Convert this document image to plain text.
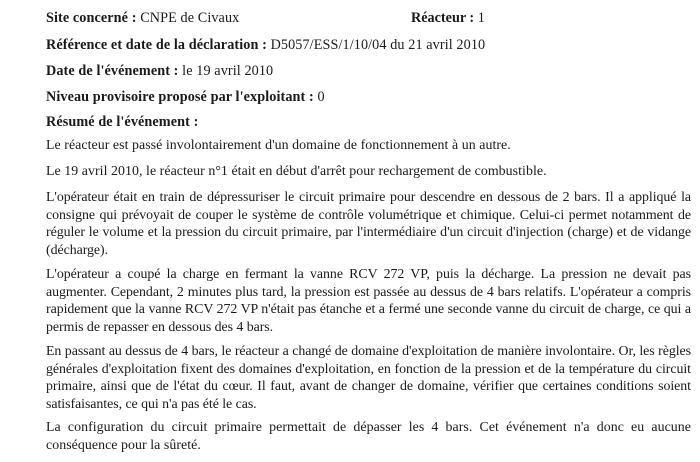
Site concerné : CNPE de Civaux	Réacteur : 1
Référence et date de la déclaration : D5057/ESS/1/10/04 du 21 avril 2010
Date de l'événement : le 19 avril 2010
Niveau provisoire proposé par l'exploitant : 0
Résumé de l'événement :
Le réacteur est passé involontairement d'un domaine de fonctionnement à un autre.
Le 19 avril 2010, le réacteur n°1 était en début d'arrêt pour rechargement de combustible.
L'opérateur était en train de dépressuriser le circuit primaire pour descendre en dessous de 2 bars. Il a appliqué la consigne qui prévoyait de couper le système de contrôle volumétrique et chimique. Celui-ci permet notamment de réguler le volume et la pression du circuit primaire, par l'intermédiaire d'un circuit d'injection (charge) et de vidange (décharge).
L'opérateur a coupé la charge en fermant la vanne RCV 272 VP, puis la décharge. La pression ne devait pas augmenter. Cependant, 2 minutes plus tard, la pression est passée au dessus de 4 bars relatifs. L'opérateur a compris rapidement que la vanne RCV 272 VP n'était pas étanche et a fermé une seconde vanne du circuit de charge, ce qui a permis de repasser en dessous des 4 bars.
En passant au dessus de 4 bars, le réacteur a changé de domaine d'exploitation de manière involontaire. Or, les règles générales d'exploitation fixent des domaines d'exploitation, en fonction de la pression et de la température du circuit primaire, ainsi que de l'état du cœur. Il faut, avant de changer de domaine, vérifier que certaines conditions soient satisfaisantes, ce qui n'a pas été le cas.
La configuration du circuit primaire permettait de dépasser les 4 bars. Cet événement n'a donc eu aucune conséquence pour la sûreté.
